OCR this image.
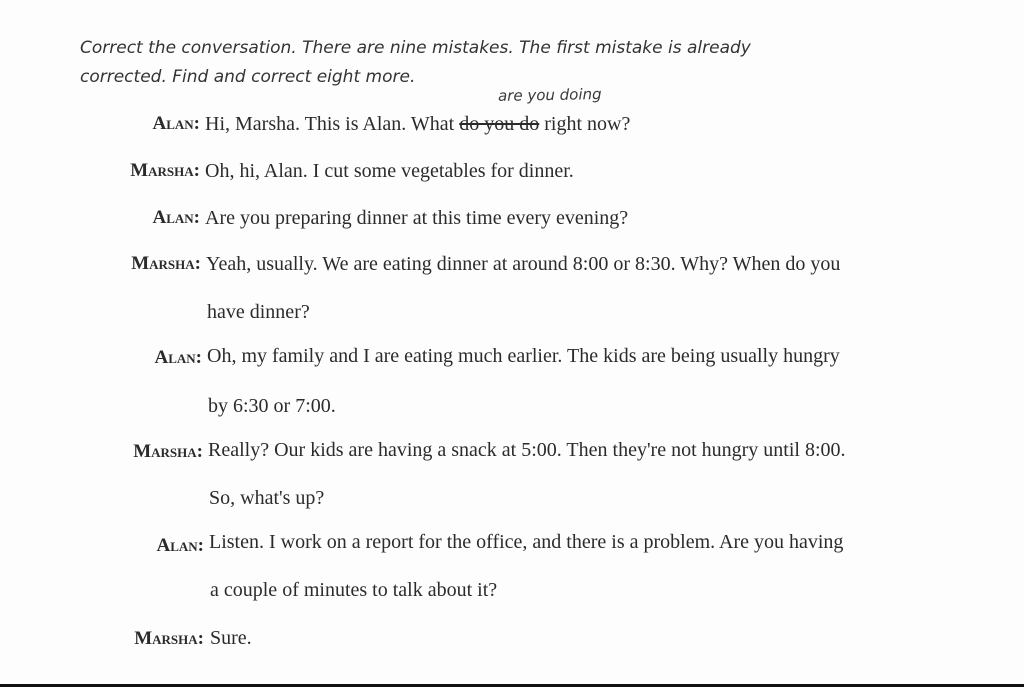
Correct the conversation. There are nine mistakes. The first mistake is already corrected. Find and correct eight more.

are you doing
Alan: Hi, Marsha. This is Alan. What do you do right now?
Marsha: Oh, hi, Alan. I cut some vegetables for dinner.
Alan: Are you preparing dinner at this time every evening?
Marsha: Yeah, usually. We are eating dinner at around 8:00 or 8:30. Why? When do you
have dinner?
Alan: Oh, my family and I are eating much earlier. The kids are being usually hungry
by 6:30 or 7:00.
Marsha: Really? Our kids are having a snack at 5:00. Then they're not hungry until 8:00.
So, what's up?
Alan: Listen. I work on a report for the office, and there is a problem. Are you having
a couple of minutes to talk about it?
Marsha: Sure.
